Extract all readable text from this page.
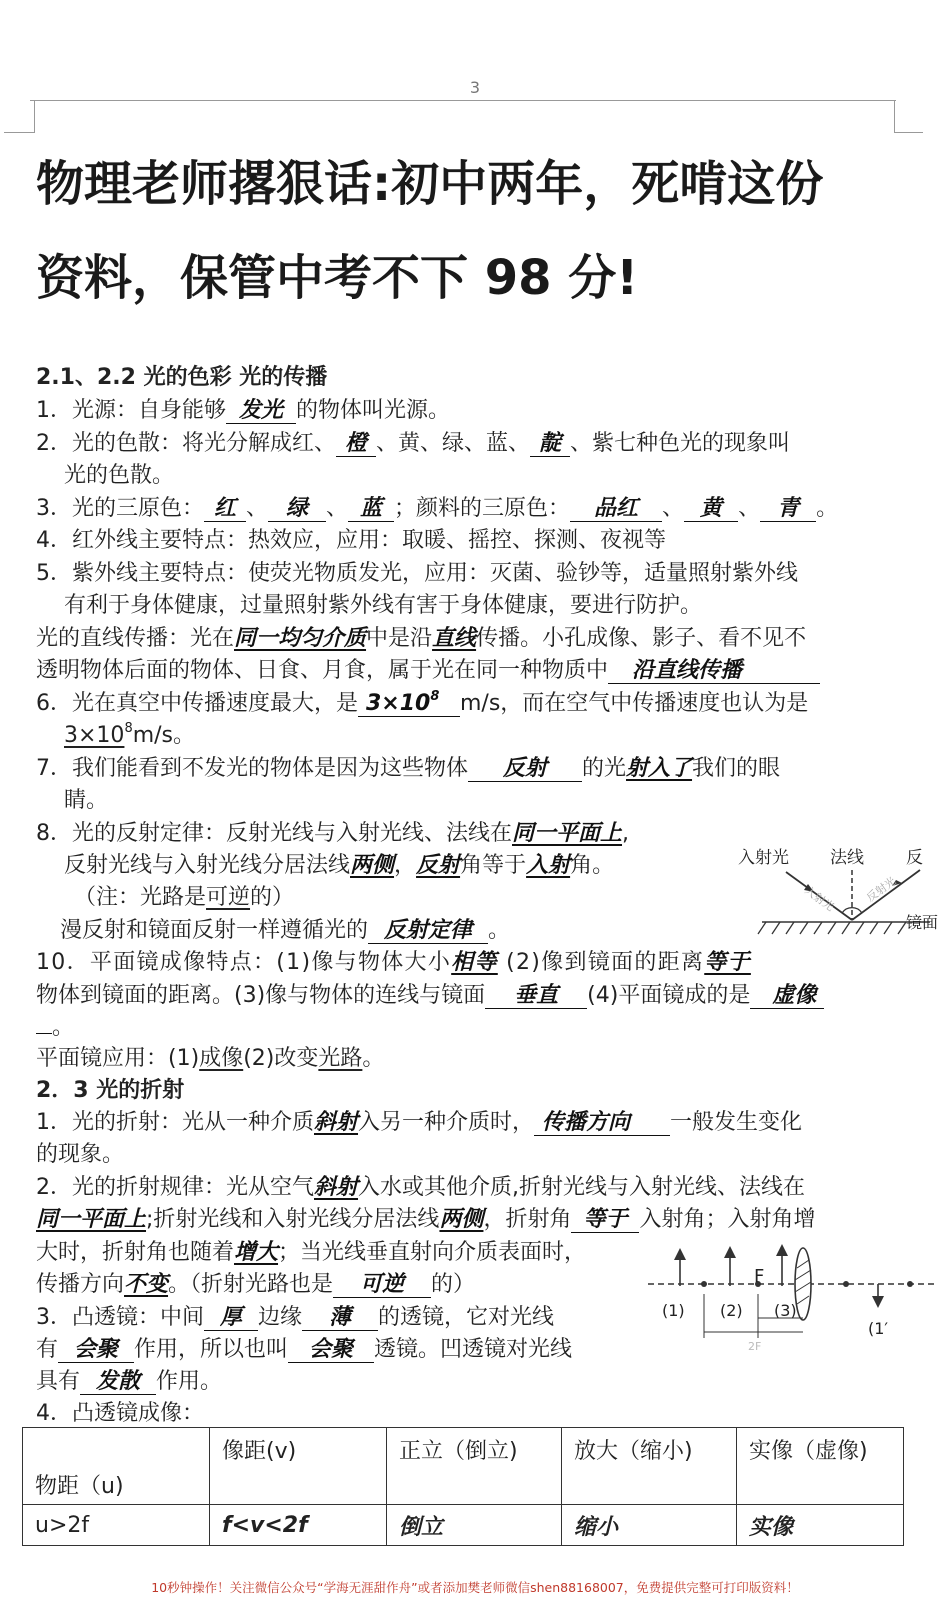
3
物理老师撂狠话:初中两年，死啃这份
资料，保管中考不下 98 分!
2.1、2.2 光的色彩 光的传播
1．光源：自身能够 发光 的物体叫光源。
2．光的色散：将光分解成红、 橙 、黄、绿、蓝、 靛 、紫七种色光的现象叫
光的色散。
3．光的三原色： 红 、 绿 、 蓝 ；颜料的三原色： 品红 、 黄 、 青 。
4．红外线主要特点：热效应，应用：取暖、摇控、探测、夜视等
5．紫外线主要特点：使荧光物质发光，应用：灭菌、验钞等，适量照射紫外线
有利于身体健康，过量照射紫外线有害于身体健康，要进行防护。
光的直线传播：光在同一均匀介质中是沿直线传播。小孔成像、影子、看不见不
透明物体后面的物体、日食、月食，属于光在同一种物质中 沿直线传播
6．光在真空中传播速度最大，是 $3\times 10^8$ m/s，而在空气中传播速度也认为是
$3\times 10^8m/s$。
7．我们能看到不发光的物体是因为这些物体 反射 的光射入了我们的眼
睛。
8．光的反射定律：反射光线与入射光线、法线在同一平面上,
反射光线与入射光线分居法线两侧，反射角等于入射角。
（注：光路是可逆的）
漫反射和镜面反射一样遵循光的 反射定律 。
入射光 法线 反
入射光	反射光
镜面
10．平面镜成像特点：(1)像与物体大小相等 (2)像到镜面的距离等于
物体到镜面的距离。(3)像与物体的连线与镜面 垂直 (4)平面镜成的是 虚像
。
平面镜应用：(1)成像(2)改变光路。
2．3 光的折射
1．光的折射：光从一种介质斜射入另一种介质时， 传播方向 一般发生变化
的现象。
2．光的折射规律：光从空气斜射入水或其他介质,折射光线与入射光线、法线在
同一平面上;折射光线和入射光线分居法线两侧，折射角 等于 入射角；入射角增
大时，折射角也随着增大；当光线垂直射向介质表面时，
传播方向不变。（折射光路也是 可逆 的）
3．凸透镜：中间 厚 边缘 薄 的透镜，它对光线
有 会聚 作用，所以也叫 会聚 透镜。凹透镜对光线
具有 发散 作用。
4．凸透镜成像：
(1) (2) (3)
(1′
F
2F
物距（u)	像距(v)	正立（倒立)	放大（缩小)	实像（虚像)
u>2f	f<v<2f	倒立	缩小	实像
10秒钟操作！关注微信公众号“学海无涯甜作舟”或者添加樊老师微信shen88168007，免费提供完整可打印版资料！
